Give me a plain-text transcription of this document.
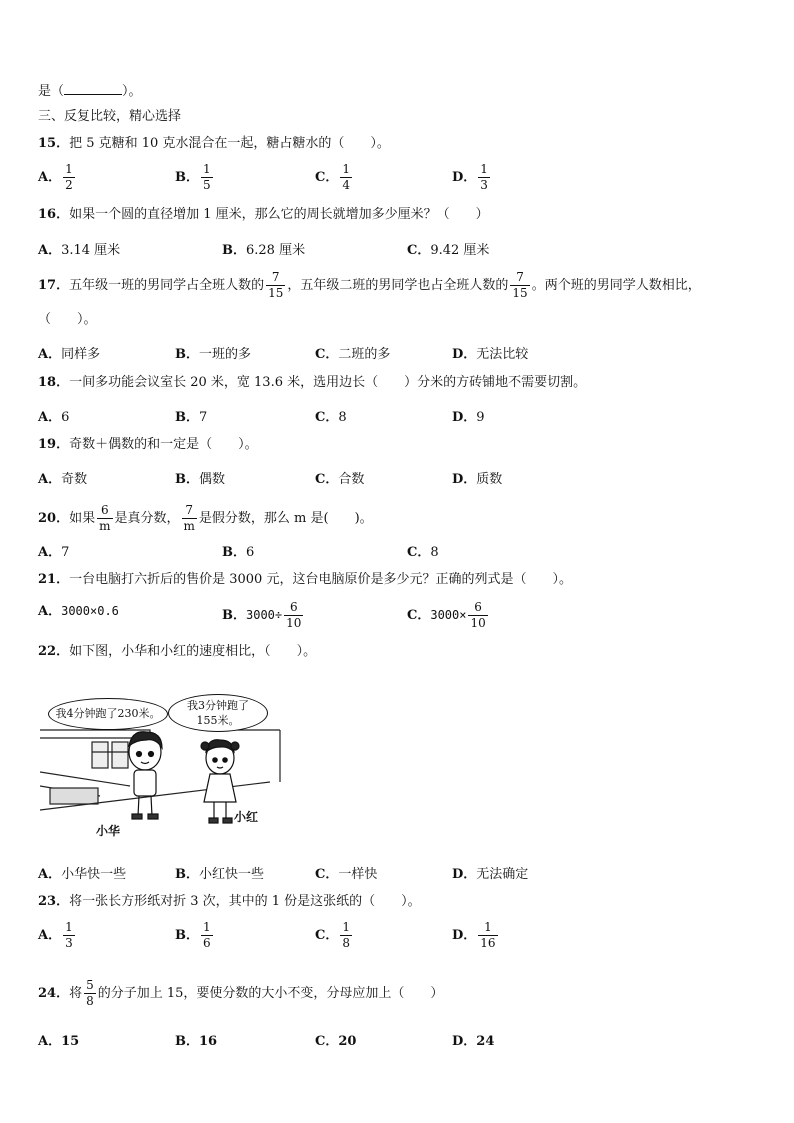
是（	）。
三、反复比较，精心选择
15．把 5 克糖和 10 克水混合在一起，糖占糖水的（　　）。
A． $\frac{1}{2}$	B． $\frac{1}{5}$	C． $\frac{1}{4}$	D． $\frac{1}{3}$
16．如果一个圆的直径增加 1 厘米，那么它的周长就增加多少厘米？（　　）
A．3.14 厘米	B．6.28 厘米	C．9.42 厘米
17．五年级一班的男同学占全班人数的 $\frac{7}{15}$ ，五年级二班的男同学也占全班人数的 $\frac{7}{15}$ 。两个班的男同学人数相比，
（　　）。
A．同样多	B．一班的多	C．二班的多	D．无法比较
18．一间多功能会议室长 20 米，宽 13.6 米，选用边长（　　）分米的方砖铺地不需要切割。
A．6	B．7	C．8	D．9
19．奇数＋偶数的和一定是（　　）。
A．奇数	B．偶数	C．合数	D．质数
20．如果 $\frac{6}{m}$ 是真分数， $\frac{7}{m}$ 是假分数，那么 m 是(　　)。
A．7	B．6	C．8
21．一台电脑打六折后的售价是 3000 元，这台电脑原价是多少元？正确的列式是（　　）。
A．3000×0.6	B．$3000\div \frac{6}{10}$	C．$3000\times \frac{6}{10}$
22．如下图，小华和小红的速度相比，（　　）。
我4分钟跑了230米。
我3分钟跑了
155米。
小华
小红
A．小华快一些	B．小红快一些	C．一样快	D．无法确定
23．将一张长方形纸对折 3 次，其中的 1 份是这张纸的（　　）。
A． $\frac{1}{3}$	B． $\frac{1}{6}$	C． $\frac{1}{8}$	D． $\frac{1}{16}$
24．将 $\frac{5}{8}$ 的分子加上 15，要使分数的大小不变，分母应加上（　　）
A．15	B．16	C．20	D．24
